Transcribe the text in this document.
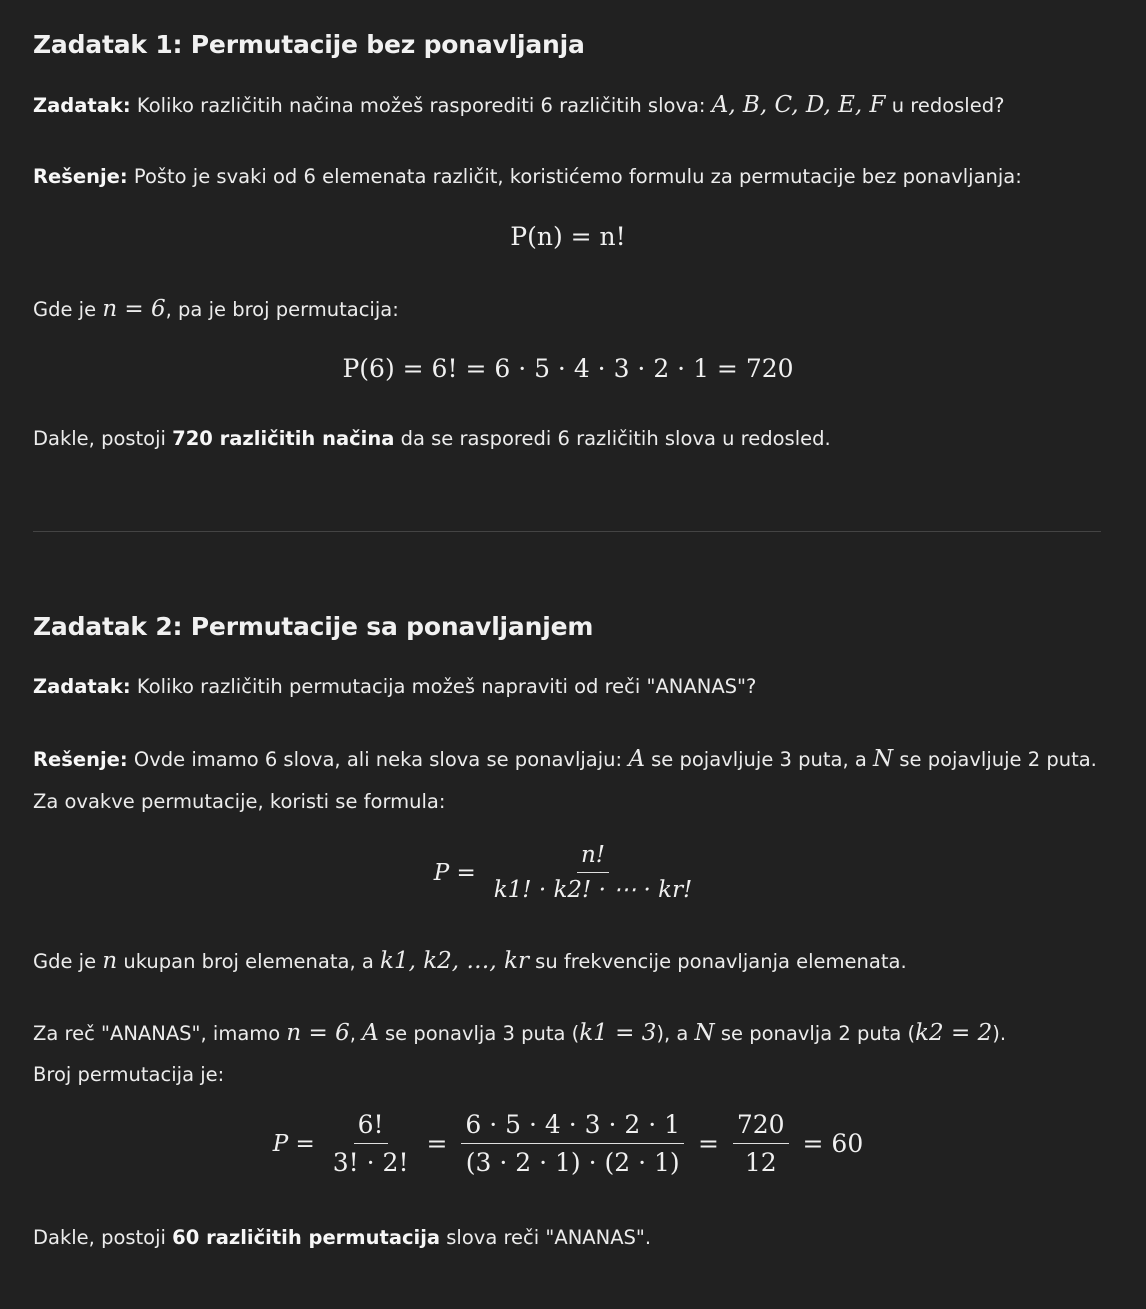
Zadatak 1: Permutacije bez ponavljanja

Zadatak: Koliko različitih načina možeš rasporediti 6 različitih slova: A, B, C, D, E, F u redosled?

Rešenje: Pošto je svaki od 6 elemenata različit, koristićemo formulu za permutacije bez ponavljanja:

P(n) = n!

Gde je n = 6, pa je broj permutacija:

P(6) = 6! = 6 · 5 · 4 · 3 · 2 · 1 = 720

Dakle, postoji 720 različitih načina da se rasporedi 6 različitih slova u redosled.

Zadatak 2: Permutacije sa ponavljanjem

Zadatak: Koliko različitih permutacija možeš napraviti od reči "ANANAS"?

Rešenje: Ovde imamo 6 slova, ali neka slova se ponavljaju: A se pojavljuje 3 puta, a N se pojavljuje 2 puta. Za ovakve permutacije, koristi se formula:

$P = \frac{n!}{k1! \cdot k2! \cdot \cdots \cdot kr!}$

Gde je n ukupan broj elemenata, a k1, k2, …, kr su frekvencije ponavljanja elemenata.

Za reč "ANANAS", imamo n = 6, A se ponavlja 3 puta (k1 = 3), a N se ponavlja 2 puta (k2 = 2).

Broj permutacija je:

$P = \frac{6!}{3! \cdot 2!} = \frac{6 \cdot 5 \cdot 4 \cdot 3 \cdot 2 \cdot 1}{(3 \cdot 2 \cdot 1) \cdot (2 \cdot 1)} = \frac{720}{12} = 60$

Dakle, postoji 60 različitih permutacija slova reči "ANANAS".
